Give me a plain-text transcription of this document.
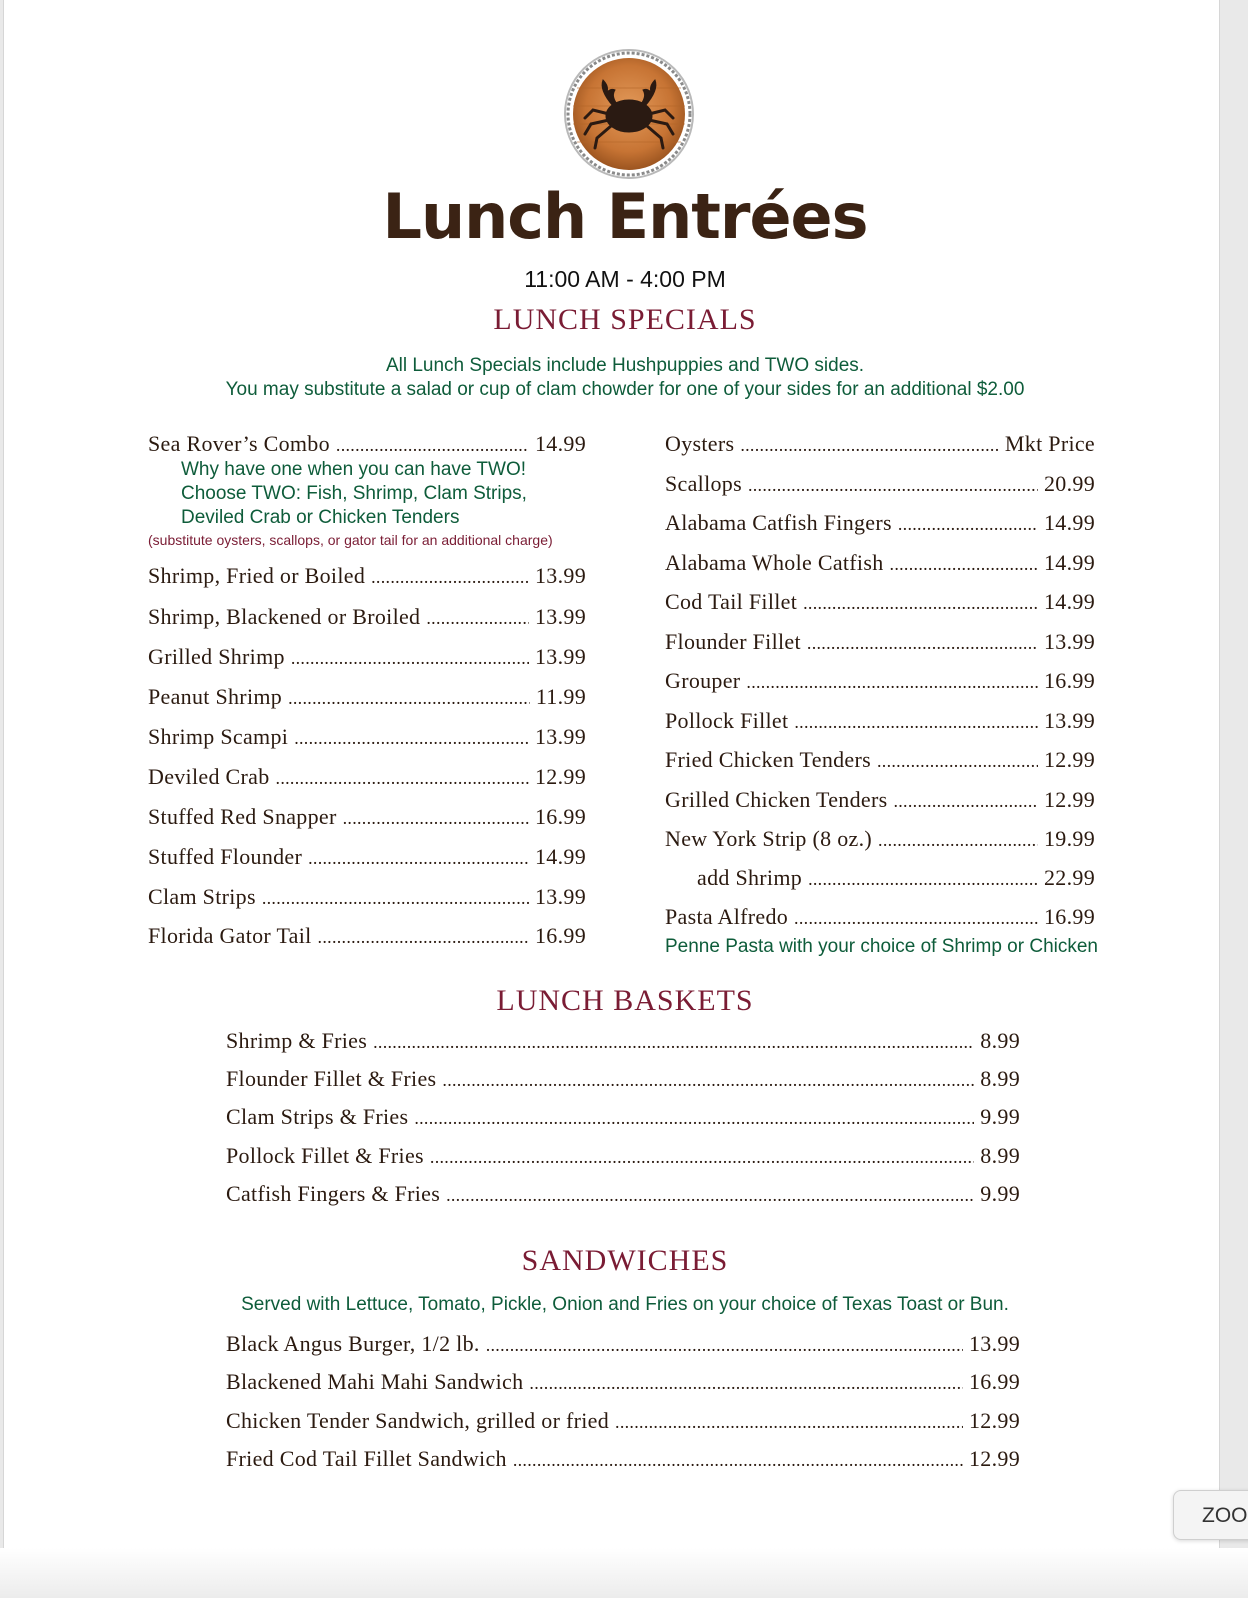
Lunch Entrées
11:00 AM - 4:00 PM
LUNCH SPECIALS
All Lunch Specials include Hushpuppies and TWO sides.
You may substitute a salad or cup of clam chowder for one of your sides for an additional $2.00
Sea Rover’s Combo .....	14.99
Why have one when you can have TWO!
Choose TWO: Fish, Shrimp, Clam Strips,
Deviled Crab or Chicken Tenders
(substitute oysters, scallops, or gator tail for an additional charge)
Shrimp, Fried or Boiled .....	13.99
Shrimp, Blackened or Broiled .....	13.99
Grilled Shrimp .....	13.99
Peanut Shrimp .....	11.99
Shrimp Scampi .....	13.99
Deviled Crab .....	12.99
Stuffed Red Snapper .....	16.99
Stuffed Flounder .....	14.99
Clam Strips .....	13.99
Florida Gator Tail .....	16.99
Oysters .....	Mkt Price
Scallops .....	20.99
Alabama Catfish Fingers .....	14.99
Alabama Whole Catfish .....	14.99
Cod Tail Fillet .....	14.99
Flounder Fillet .....	13.99
Grouper .....	16.99
Pollock Fillet .....	13.99
Fried Chicken Tenders .....	12.99
Grilled Chicken Tenders .....	12.99
New York Strip (8 oz.) .....	19.99
add Shrimp .....	22.99
Pasta Alfredo .....	16.99
Penne Pasta with your choice of Shrimp or Chicken
LUNCH BASKETS
Shrimp & Fries .....	8.99
Flounder Fillet & Fries .....	8.99
Clam Strips & Fries .....	9.99
Pollock Fillet & Fries .....	8.99
Catfish Fingers & Fries .....	9.99
SANDWICHES
Served with Lettuce, Tomato, Pickle, Onion and Fries on your choice of Texas Toast or Bun.
Black Angus Burger, 1/2 lb. .....	13.99
Blackened Mahi Mahi Sandwich .....	16.99
Chicken Tender Sandwich, grilled or fried .....	12.99
Fried Cod Tail Fillet Sandwich .....	12.99
ZOO
